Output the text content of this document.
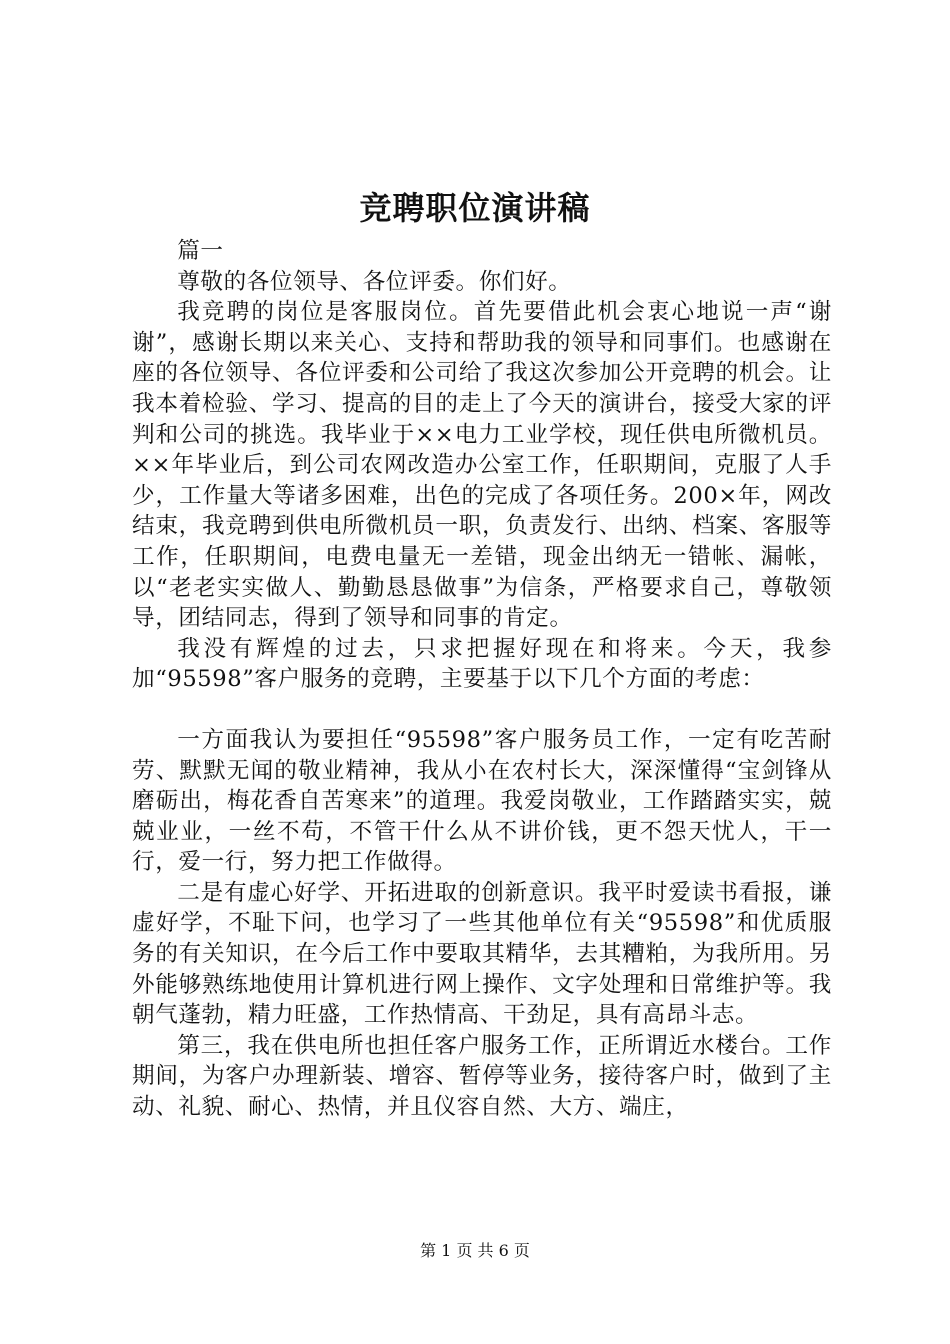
竞聘职位演讲稿

篇一

尊敬的各位领导、各位评委。你们好。

我竞聘的岗位是客服岗位。首先要借此机会衷心地说一声“谢谢”，感谢长期以来关心、支持和帮助我的领导和同事们。也感谢在座的各位领导、各位评委和公司给了我这次参加公开竞聘的机会。让我本着检验、学习、提高的目的走上了今天的演讲台，接受大家的评判和公司的挑选。我毕业于××电力工业学校，现任供电所微机员。××年毕业后，到公司农网改造办公室工作，任职期间，克服了人手少，工作量大等诸多困难，出色的完成了各项任务。200×年，网改结束，我竞聘到供电所微机员一职，负责发行、出纳、档案、客服等工作，任职期间，电费电量无一差错，现金出纳无一错帐、漏帐，以“老老实实做人、勤勤恳恳做事”为信条，严格要求自己，尊敬领导，团结同志，得到了领导和同事的肯定。

我没有辉煌的过去，只求把握好现在和将来。今天，我参加“95598”客户服务的竞聘，主要基于以下几个方面的考虑：

一方面我认为要担任“95598”客户服务员工作，一定有吃苦耐劳、默默无闻的敬业精神，我从小在农村长大，深深懂得“宝剑锋从磨砺出，梅花香自苦寒来”的道理。我爱岗敬业，工作踏踏实实，兢兢业业，一丝不苟，不管干什么从不讲价钱，更不怨天忧人，干一行，爱一行，努力把工作做得。

二是有虚心好学、开拓进取的创新意识。我平时爱读书看报，谦虚好学，不耻下问，也学习了一些其他单位有关“95598”和优质服务的有关知识，在今后工作中要取其精华，去其糟粕，为我所用。另外能够熟练地使用计算机进行网上操作、文字处理和日常维护等。我朝气蓬勃，精力旺盛，工作热情高、干劲足，具有高昂斗志。

第三，我在供电所也担任客户服务工作，正所谓近水楼台。工作期间，为客户办理新装、增容、暂停等业务，接待客户时，做到了主动、礼貌、耐心、热情，并且仪容自然、大方、端庄，

第 1 页 共 6 页
